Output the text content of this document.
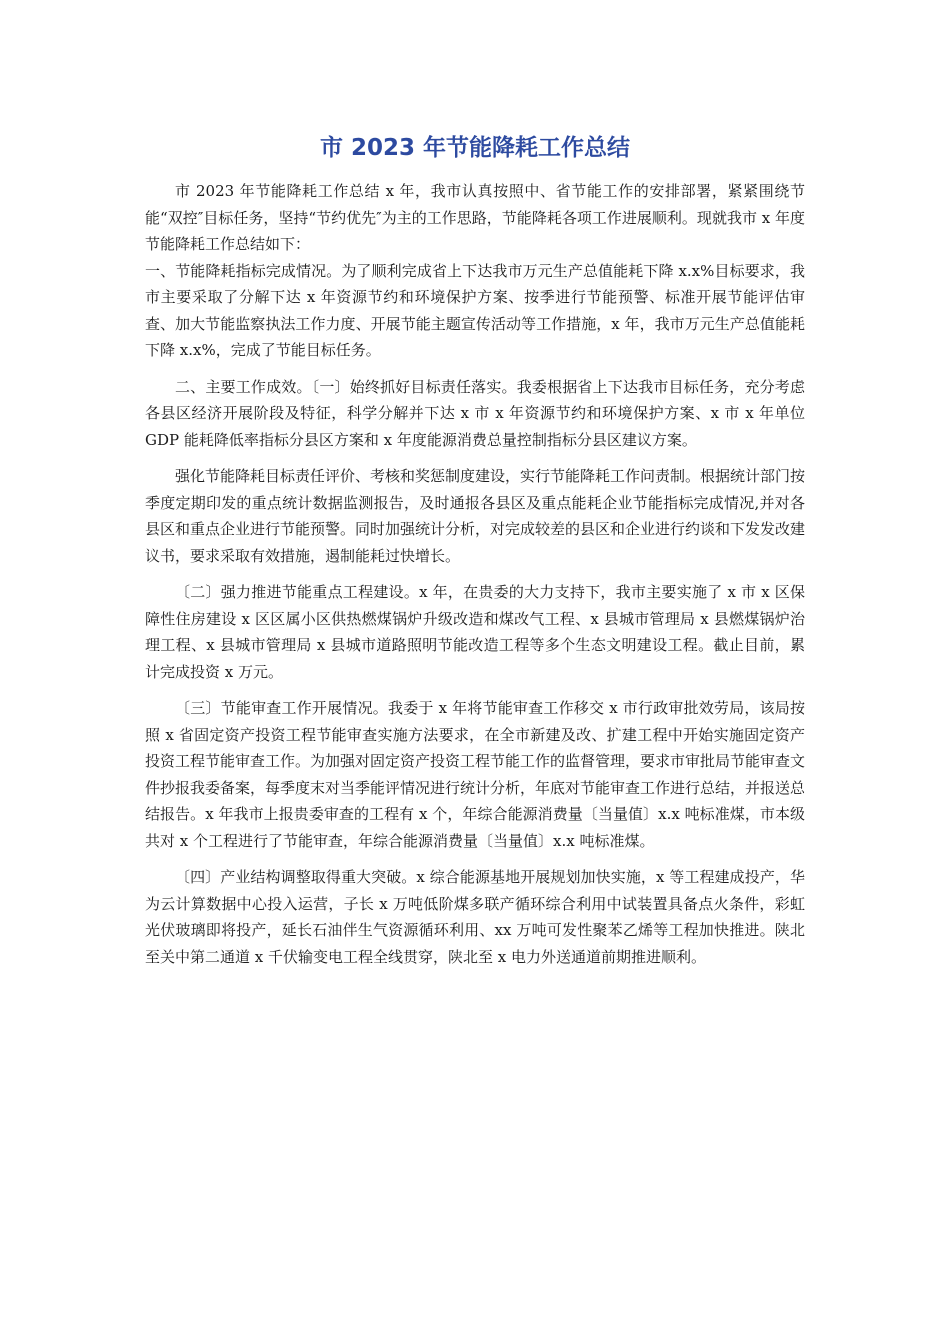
市 2023 年节能降耗工作总结

市 2023 年节能降耗工作总结 x 年，我市认真按照中、省节能工作的安排部署，紧紧围绕节能“双控″目标任务，坚持“节约优先″为主的工作思路，节能降耗各项工作进展顺利。现就我市 x 年度节能降耗工作总结如下：

一、节能降耗指标完成情况。为了顺利完成省上下达我市万元生产总值能耗下降 x.x%目标要求，我市主要采取了分解下达 x 年资源节约和环境保护方案、按季进行节能预警、标准开展节能评估审查、加大节能监察执法工作力度、开展节能主题宣传活动等工作措施，x 年，我市万元生产总值能耗下降 x.x%，完成了节能目标任务。

二、主要工作成效。〔一〕始终抓好目标责任落实。我委根据省上下达我市目标任务，充分考虑各县区经济开展阶段及特征，科学分解并下达 x 市 x 年资源节约和环境保护方案、x 市 x 年单位 GDP 能耗降低率指标分县区方案和 x 年度能源消费总量控制指标分县区建议方案。

强化节能降耗目标责任评价、考核和奖惩制度建设，实行节能降耗工作问责制。根据统计部门按季度定期印发的重点统计数据监测报告，及时通报各县区及重点能耗企业节能指标完成情况,并对各县区和重点企业进行节能预警。同时加强统计分析，对完成较差的县区和企业进行约谈和下发发改建议书，要求采取有效措施，遏制能耗过快增长。

〔二〕强力推进节能重点工程建设。x 年，在贵委的大力支持下，我市主要实施了 x 市 x 区保障性住房建设 x 区区属小区供热燃煤锅炉升级改造和煤改气工程、x 县城市管理局 x 县燃煤锅炉治理工程、x 县城市管理局 x 县城市道路照明节能改造工程等多个生态文明建设工程。截止目前，累计完成投资 x 万元。

〔三〕节能审查工作开展情况。我委于 x 年将节能审查工作移交 x 市行政审批效劳局，该局按照 x 省固定资产投资工程节能审查实施方法要求，在全市新建及改、扩建工程中开始实施固定资产投资工程节能审查工作。为加强对固定资产投资工程节能工作的监督管理，要求市审批局节能审查文件抄报我委备案，每季度末对当季能评情况进行统计分析，年底对节能审查工作进行总结，并报送总结报告。x 年我市上报贵委审查的工程有 x 个，年综合能源消费量〔当量值〕x.x 吨标准煤，市本级共对 x 个工程进行了节能审查，年综合能源消费量〔当量值〕x.x 吨标准煤。

〔四〕产业结构调整取得重大突破。x 综合能源基地开展规划加快实施，x 等工程建成投产，华为云计算数据中心投入运营，子长 x 万吨低阶煤多联产循环综合利用中试装置具备点火条件，彩虹光伏玻璃即将投产，延长石油伴生气资源循环利用、xx 万吨可发性聚苯乙烯等工程加快推进。陕北至关中第二通道 x 千伏输变电工程全线贯穿，陕北至 x 电力外送通道前期推进顺利。
